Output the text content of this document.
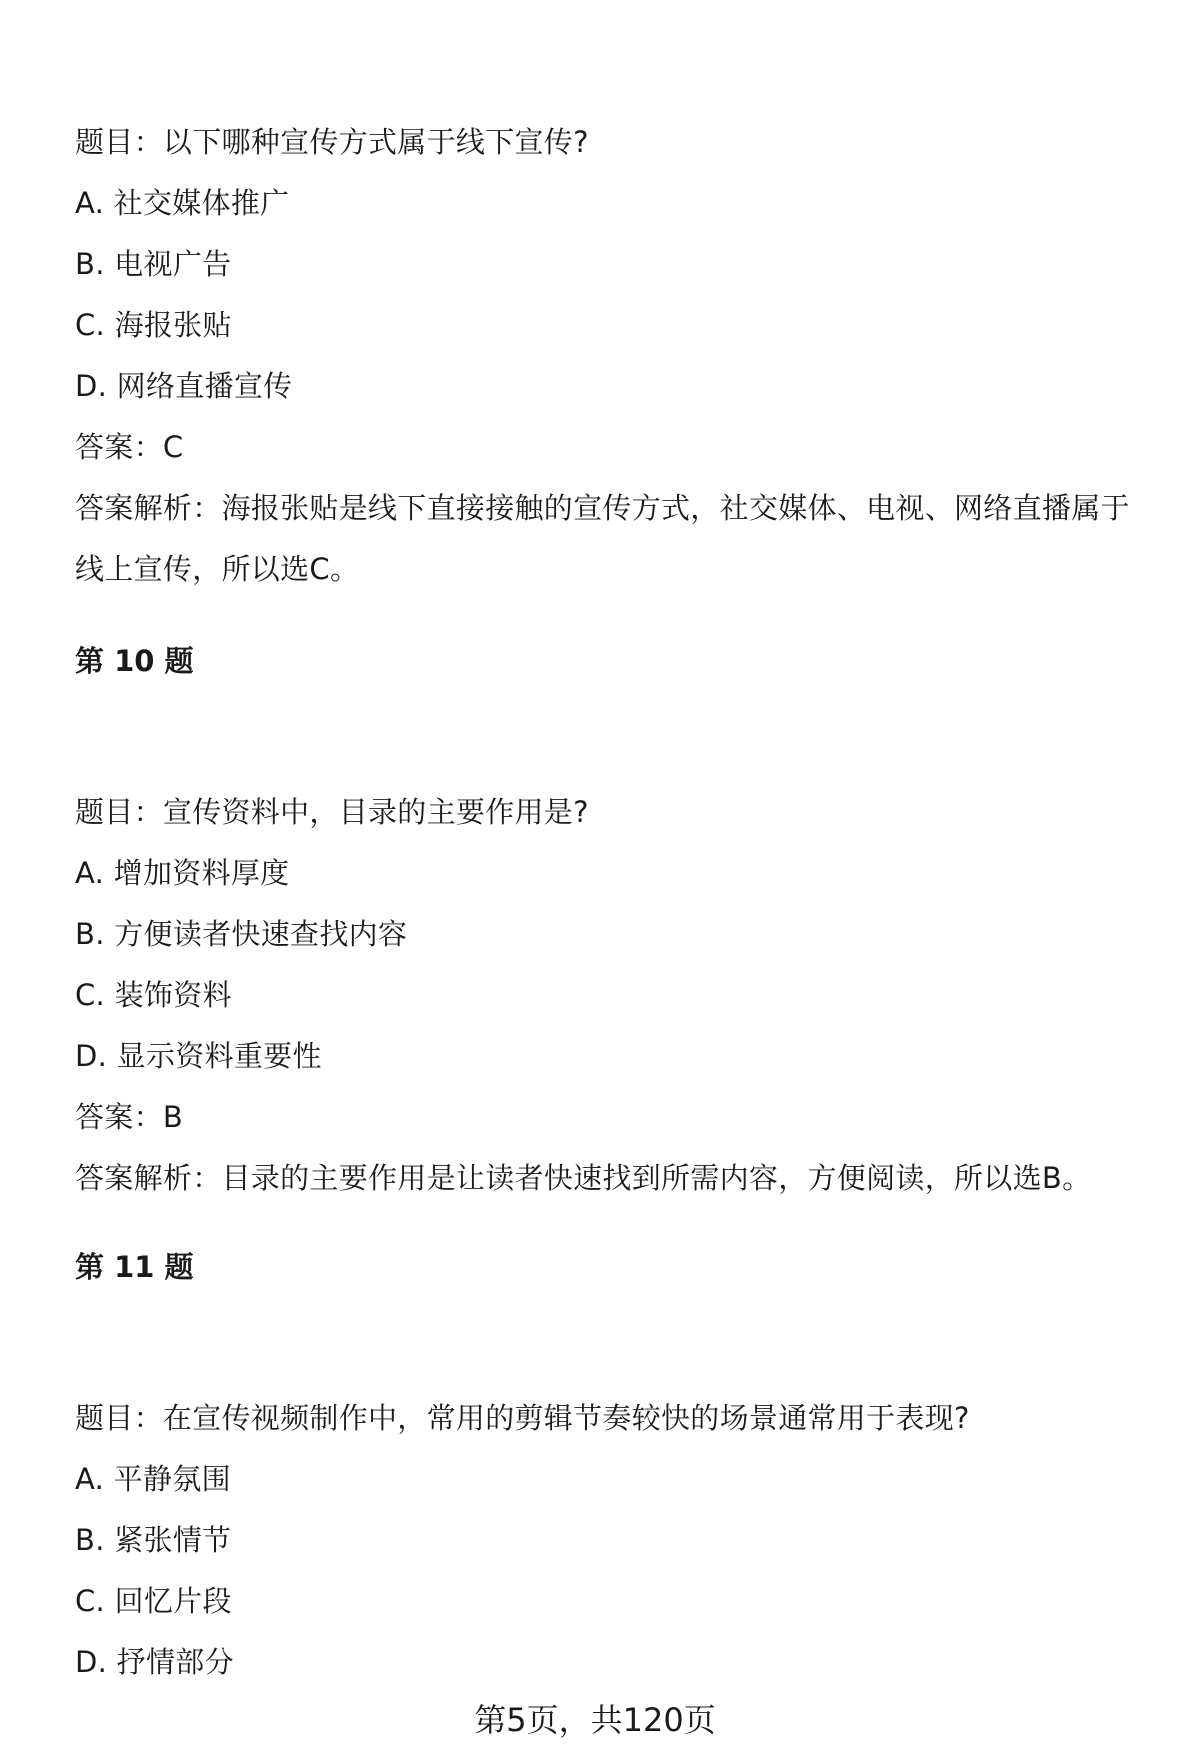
题目：以下哪种宣传方式属于线下宣传?
A. 社交媒体推广
B. 电视广告
C. 海报张贴
D. 网络直播宣传
答案：C
答案解析：海报张贴是线下直接接触的宣传方式，社交媒体、电视、网络直播属于
线上宣传，所以选C。
第 10 题
题目：宣传资料中，目录的主要作用是?
A. 增加资料厚度
B. 方便读者快速查找内容
C. 装饰资料
D. 显示资料重要性
答案：B
答案解析：目录的主要作用是让读者快速找到所需内容，方便阅读，所以选B。
第 11 题
题目：在宣传视频制作中，常用的剪辑节奏较快的场景通常用于表现?
A. 平静氛围
B. 紧张情节
C. 回忆片段
D. 抒情部分
第5页，共120页
